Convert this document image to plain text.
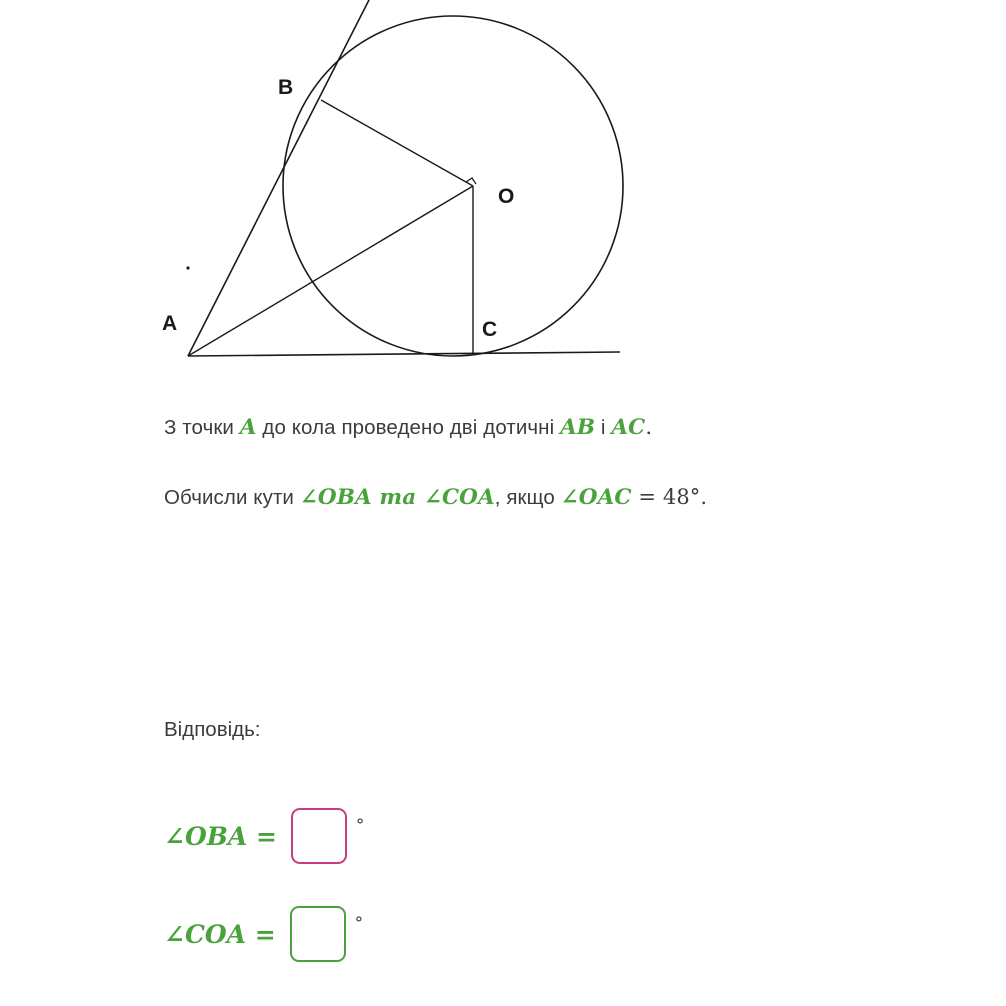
B
A	C
O

З точки A до кола проведено дві дотичні AB і AC.

Обчисли кути ∠OBA та ∠COA, якщо ∠OAC = 48°.

Відповідь:

∠OBA =	°
∠COA =	°
